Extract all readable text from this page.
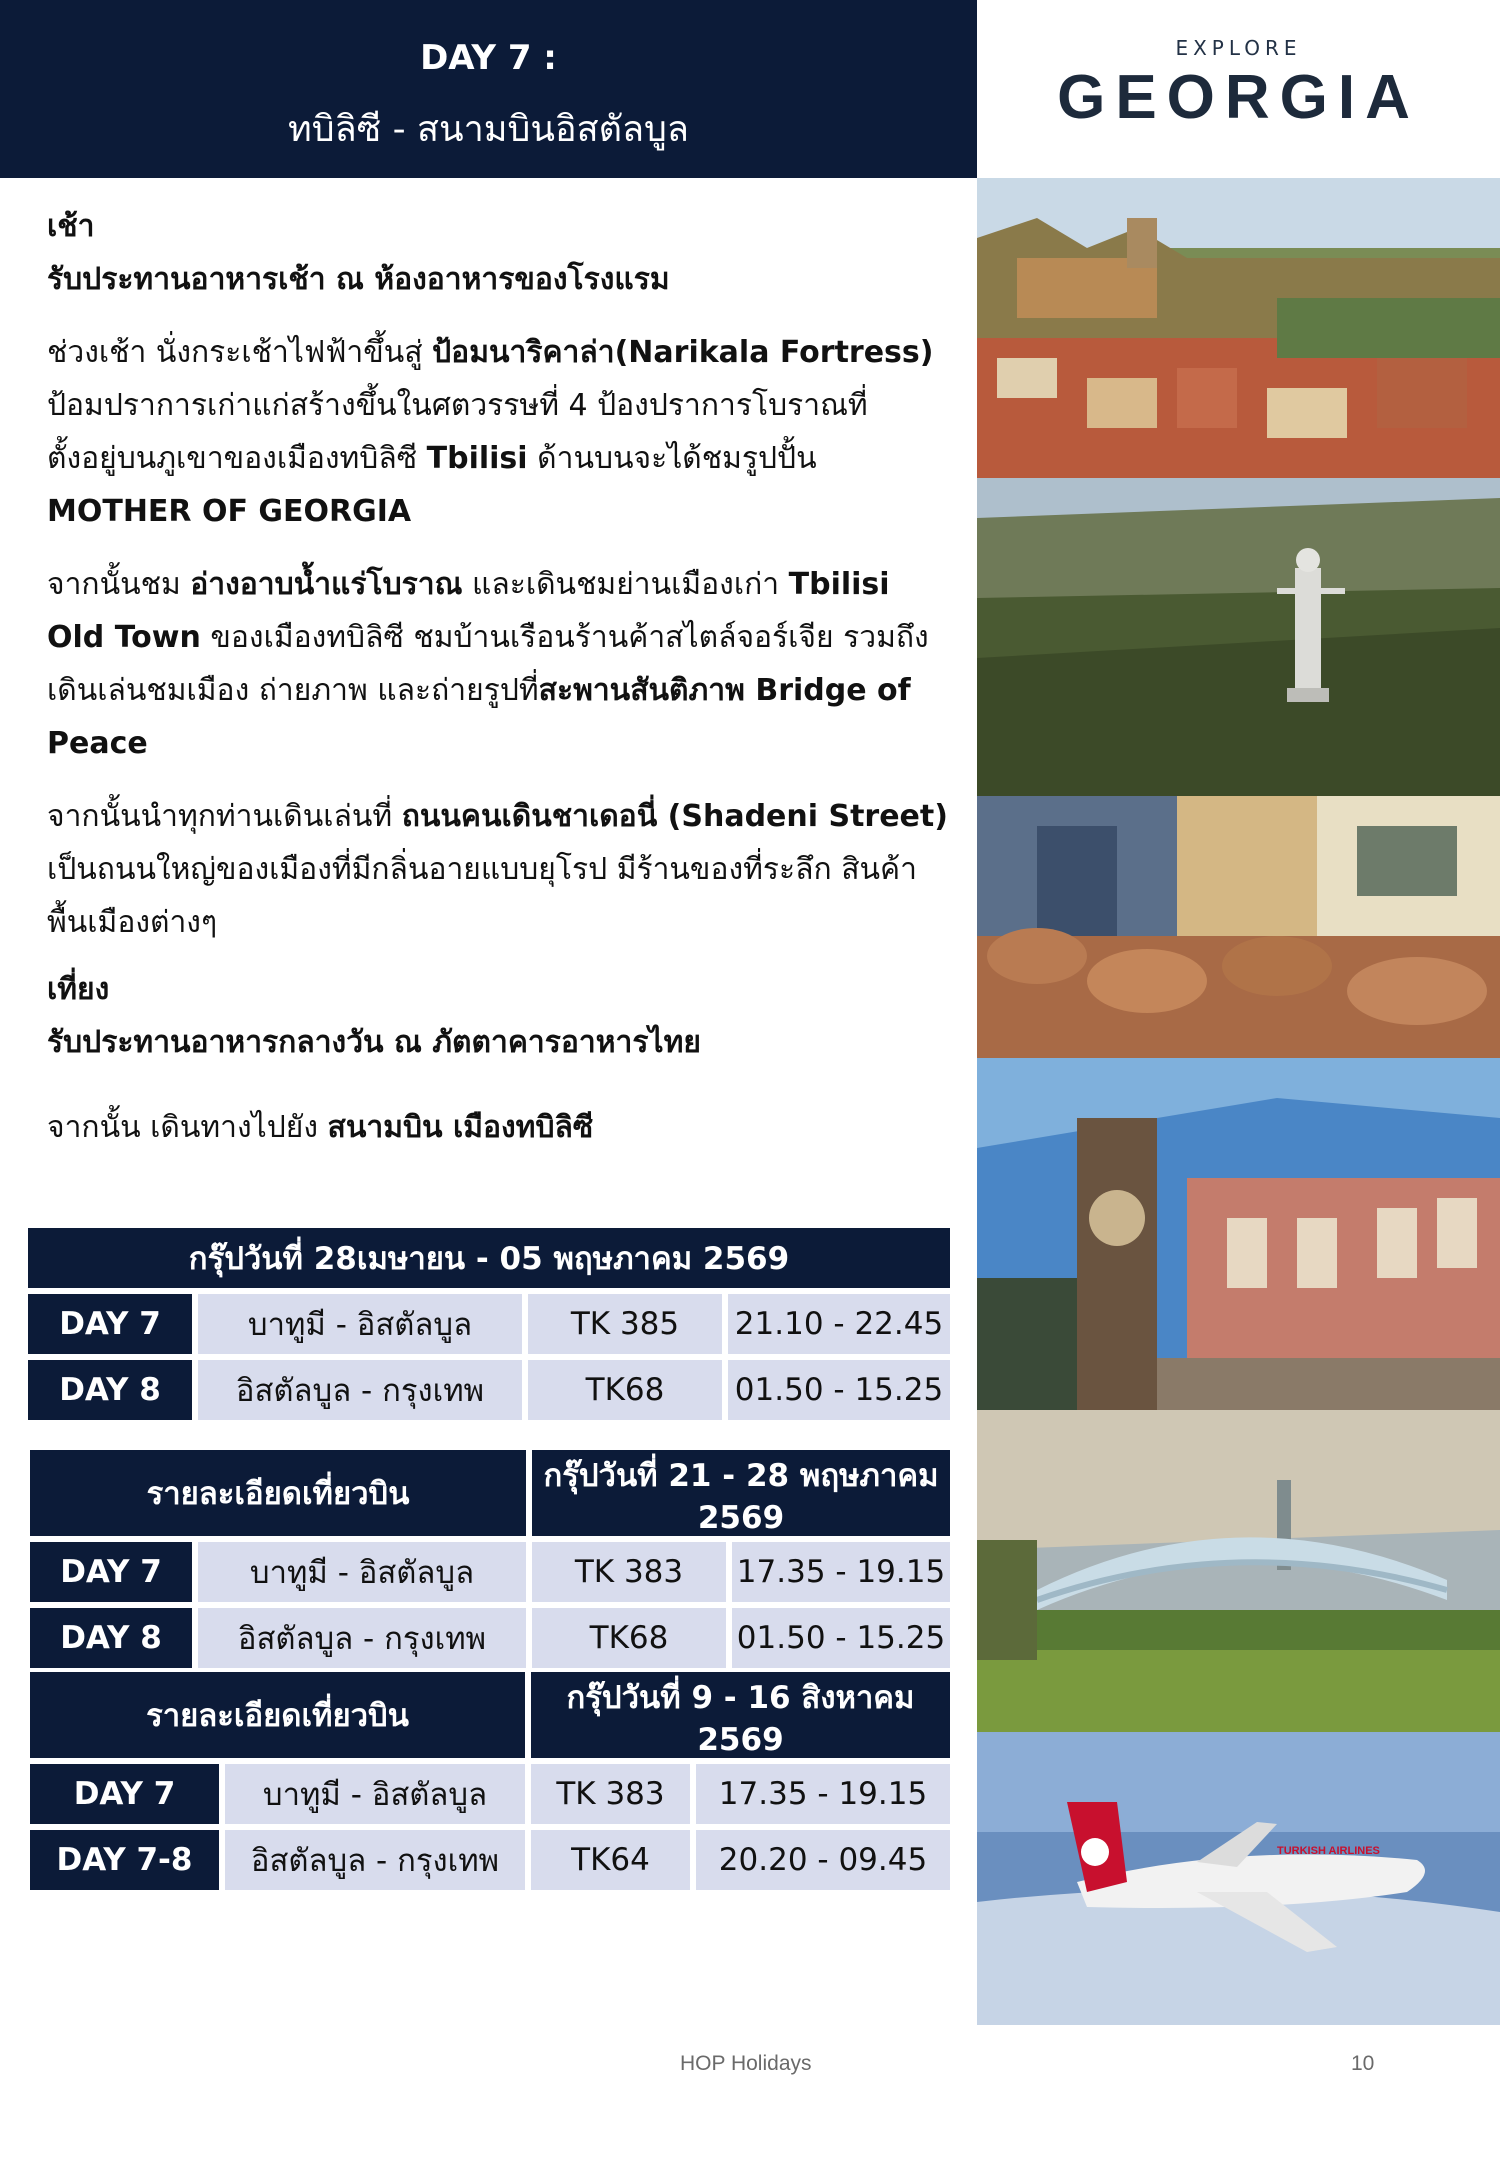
DAY 7 :
ทบิลิซี - สนามบินอิสตัลบูล
EXPLORE
GEORGIA
TURKISH AIRLINES

เช้า

รับประทานอาหารเช้า ณ ห้องอาหารของโรงแรม

ช่วงเช้า นั่งกระเช้าไฟฟ้าขึ้นสู่ ป้อมนาริคาล่า(Narikala Fortress)

ป้อมปราการเก่าแก่สร้างขึ้นในศตวรรษที่ 4 ป้องปราการโบราณที่

ตั้งอยู่บนภูเขาของเมืองทบิลิซี Tbilisi ด้านบนจะได้ชมรูปปั้น

MOTHER OF GEORGIA

จากนั้นชม อ่างอาบน้ำแร่โบราณ และเดินชมย่านเมืองเก่า Tbilisi

Old Town ของเมืองทบิลิซี ชมบ้านเรือนร้านค้าสไตล์จอร์เจีย รวมถึง

เดินเล่นชมเมือง ถ่ายภาพ และถ่ายรูปที่สะพานสันติภาพ Bridge of

Peace

จากนั้นนำทุกท่านเดินเล่นที่ ถนนคนเดินชาเดอนี่ (Shadeni Street)

เป็นถนนใหญ่ของเมืองที่มีกลิ่นอายแบบยุโรป มีร้านของที่ระลึก สินค้า

พื้นเมืองต่างๆ

เที่ยง

รับประทานอาหารกลางวัน ณ ภัตตาคารอาหารไทย

จากนั้น เดินทางไปยัง สนามบิน เมืองทบิลิซี

กรุ๊ปวันที่ 28เมษายน - 05 พฤษภาคม 2569			
DAY 7	บาทูมี - อิสตัลบูล	TK 385	21.10 - 22.45
DAY 8	อิสตัลบูล - กรุงเทพ	TK68	01.50 - 15.25
รายละเอียดเที่ยวบิน		กรุ๊ปวันที่ 21 - 28 พฤษภาคม 2569	
DAY 7	บาทูมี - อิสตัลบูล	TK 383	17.35 - 19.15
DAY 8	อิสตัลบูล - กรุงเทพ	TK68	01.50 - 15.25
รายละเอียดเที่ยวบิน		กรุ๊ปวันที่ 9 - 16 สิงหาคม 2569	
DAY 7	บาทูมี - อิสตัลบูล	TK 383	17.35 - 19.15
DAY 7-8	อิสตัลบูล - กรุงเทพ	TK64	20.20 - 09.45
HOP Holidays	10
